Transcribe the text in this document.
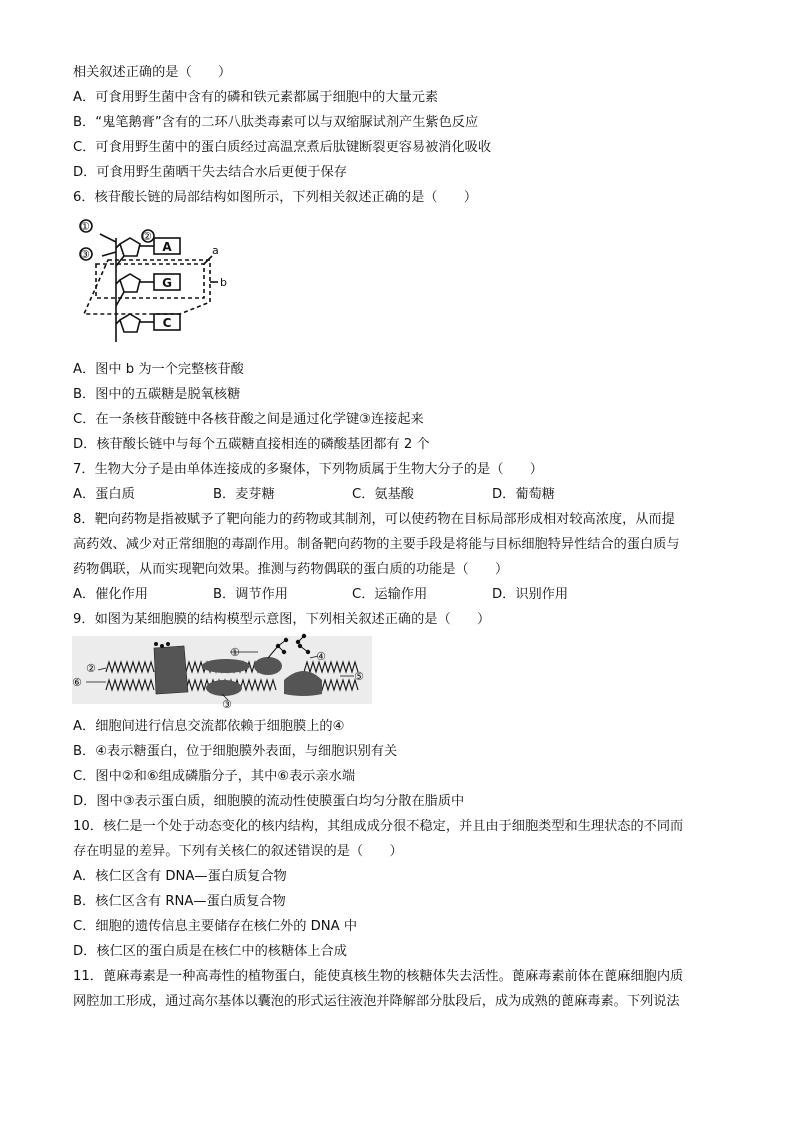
相关叙述正确的是（　　）
A．可食用野生菌中含有的磷和铁元素都属于细胞中的大量元素
B．“鬼笔鹅膏”含有的二环八肽类毒素可以与双缩脲试剂产生紫色反应
C．可食用野生菌中的蛋白质经过高温烹煮后肽键断裂更容易被消化吸收
D．可食用野生菌晒干失去结合水后更便于保存
6．核苷酸长链的局部结构如图所示，下列相关叙述正确的是（　　）
①
②
③
A
G
C
a
b
A．图中 b 为一个完整核苷酸
B．图中的五碳糖是脱氧核糖
C．在一条核苷酸链中各核苷酸之间是通过化学键③连接起来
D．核苷酸长链中与每个五碳糖直接相连的磷酸基团都有 2 个
7．生物大分子是由单体连接成的多聚体，下列物质属于生物大分子的是（　　）
A．蛋白质	B．麦芽糖	C．氨基酸	D．葡萄糖
8．靶向药物是指被赋予了靶向能力的药物或其制剂，可以使药物在目标局部形成相对较高浓度，从而提
高药效、减少对正常细胞的毒副作用。制备靶向药物的主要手段是将能与目标细胞特异性结合的蛋白质与
药物偶联，从而实现靶向效果。推测与药物偶联的蛋白质的功能是（　　）
A．催化作用	B．调节作用	C．运输作用	D．识别作用
9．如图为某细胞膜的结构模型示意图，下列相关叙述正确的是（　　）
①
②
③
④
⑤
⑥
A．细胞间进行信息交流都依赖于细胞膜上的④
B．④表示糖蛋白，位于细胞膜外表面，与细胞识别有关
C．图中②和⑥组成磷脂分子，其中⑥表示亲水端
D．图中③表示蛋白质，细胞膜的流动性使膜蛋白均匀分散在脂质中
10．核仁是一个处于动态变化的核内结构，其组成成分很不稳定，并且由于细胞类型和生理状态的不同而
存在明显的差异。下列有关核仁的叙述错误的是（　　）
A．核仁区含有 DNA—蛋白质复合物
B．核仁区含有 RNA—蛋白质复合物
C．细胞的遗传信息主要储存在核仁外的 DNA 中
D．核仁区的蛋白质是在核仁中的核糖体上合成
11．蓖麻毒素是一种高毒性的植物蛋白，能使真核生物的核糖体失去活性。蓖麻毒素前体在蓖麻细胞内质
网腔加工形成，通过高尔基体以囊泡的形式运往液泡并降解部分肽段后，成为成熟的蓖麻毒素。下列说法
